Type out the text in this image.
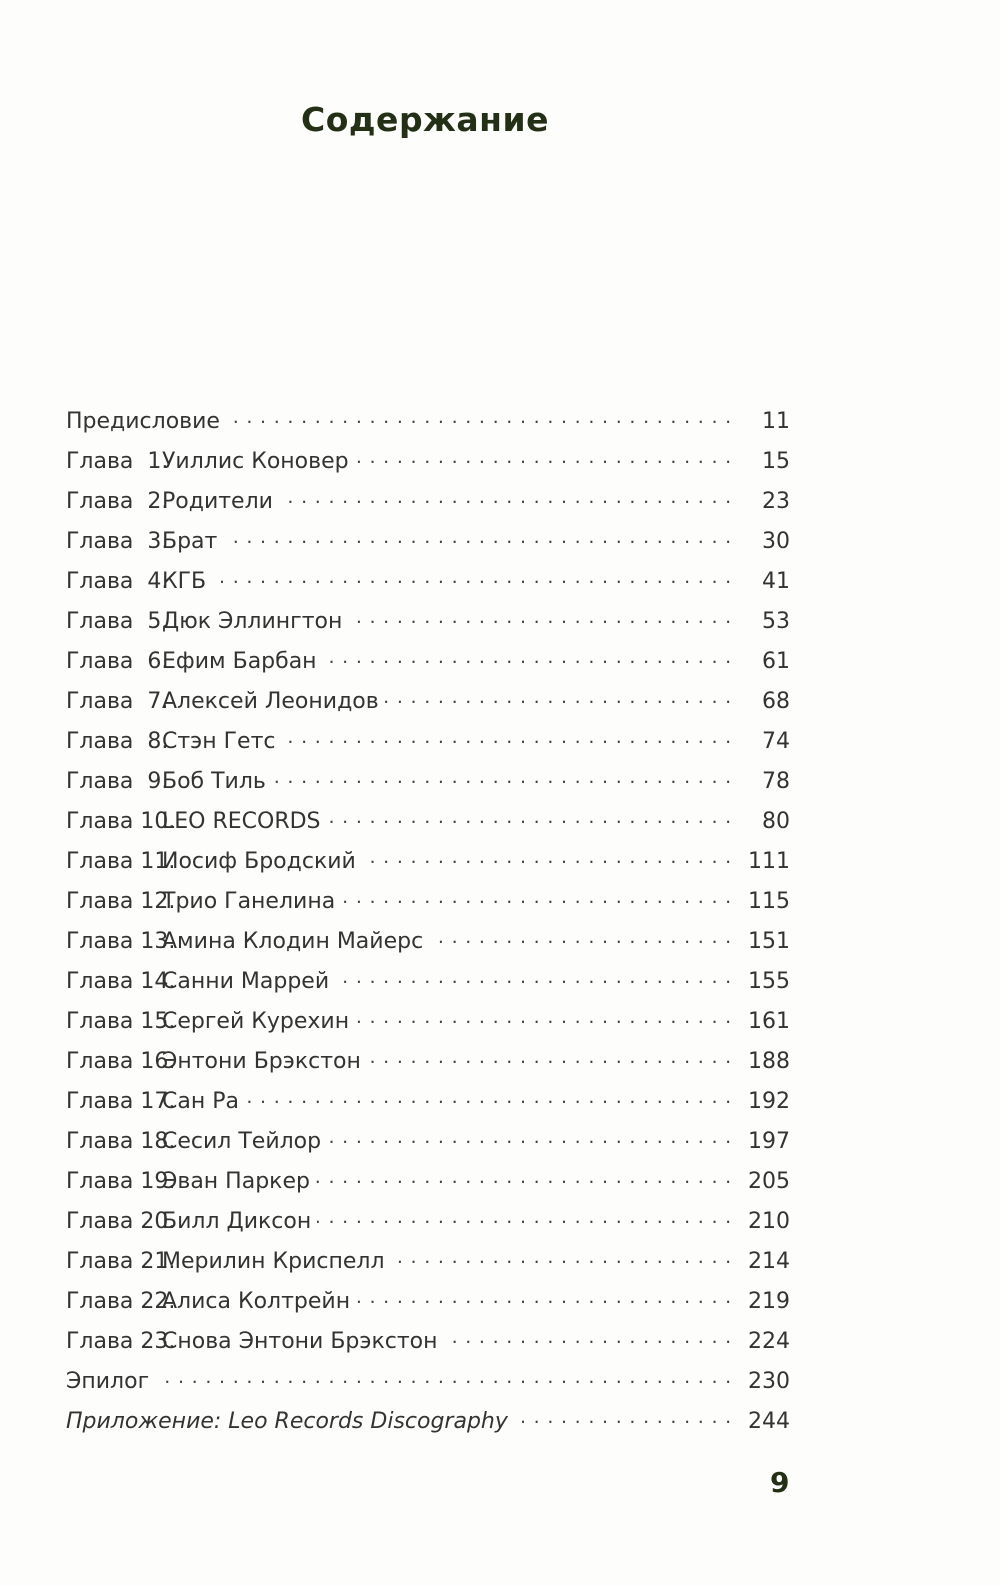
Содержание
Предисловие . . .	11
Глава  1.Уиллис Коновер . . .	15
Глава  2.Родители . . .	23
Глава  3.Брат . . .	30
Глава  4.КГБ . . .	41
Глава  5.Дюк Эллингтон . . .	53
Глава  6.Ефим Барбан . . .	61
Глава  7.Алексей Леонидов . . .	68
Глава  8.Стэн Гетс . . .	74
Глава  9.Боб Тиль . . .	78
Глава 10.LEO RECORDS . . .	80
Глава 11.Иосиф Бродский . . .	111
Глава 12.Трио Ганелина . . .	115
Глава 13.Амина Клодин Майерс . . .	151
Глава 14.Санни Маррей . . .	155
Глава 15.Сергей Курехин . . .	161
Глава 16.Энтони Брэкстон . . .	188
Глава 17.Сан Ра . . .	192
Глава 18.Сесил Тейлор . . .	197
Глава 19.Эван Паркер . . .	205
Глава 20.Билл Диксон . . .	210
Глава 21.Мерилин Криспелл . . .	214
Глава 22.Алиса Колтрейн . . .	219
Глава 23.Снова Энтони Брэкстон . . .	224
Эпилог . . .	230
Приложение: Leo Records Discography . . .	244
9
